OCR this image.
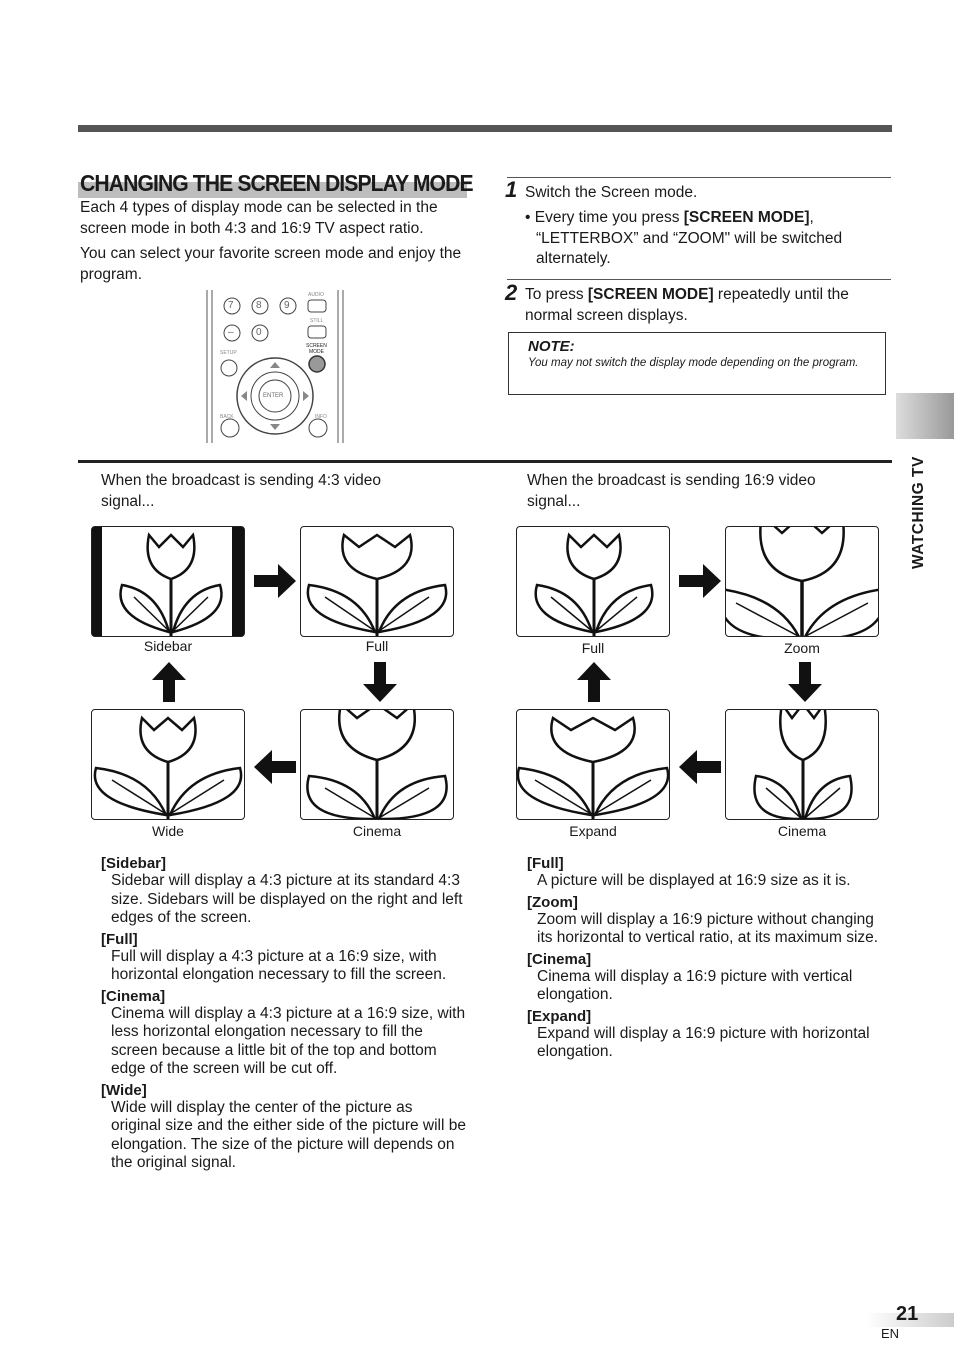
CHANGING THE SCREEN DISPLAY MODE
Each 4 types of display mode can be selected in the screen mode in both 4:3 and 16:9 TV aspect ratio.
You can select your favorite screen mode and enjoy the program.
7 8 9
– 0
AUDIO
STILL
SCREEN
MODE
SETUP
ENTER
BACK	INFO
1 Switch the Screen mode.
• Every time you press [SCREEN MODE], “LETTERBOX” and “ZOOM" will be switched alternately.
2 To press [SCREEN MODE] repeatedly until the normal screen displays.
NOTE:
You may not switch the display mode depending on the program.
WATCHING TV
When the broadcast is sending 4:3 video signal...
When the broadcast is sending 16:9 video signal...
Sidebar	Full
Wide	Cinema
Full	Zoom
Expand	Cinema
[Sidebar]

Sidebar will display a 4:3 picture at its standard 4:3 size. Sidebars will be displayed on the right and left edges of the screen.

[Full]

Full will display a 4:3 picture at a 16:9 size, with horizontal elongation necessary to fill the screen.

[Cinema]

Cinema will display a 4:3 picture at a 16:9 size, with less horizontal elongation necessary to fill the screen because a little bit of the top and bottom edge of the screen will be cut off.

[Wide]

Wide will display the center of the picture as original size and the either side of the picture will be elongation. The size of the picture will depends on the original signal.

[Full]

A picture will be displayed at 16:9 size as it is.

[Zoom]

Zoom will display a 16:9 picture without changing its horizontal to vertical ratio, at its maximum size.

[Cinema]

Cinema will display a 16:9 picture with vertical elongation.

[Expand]

Expand will display a 16:9 picture with horizontal elongation.

21
EN
